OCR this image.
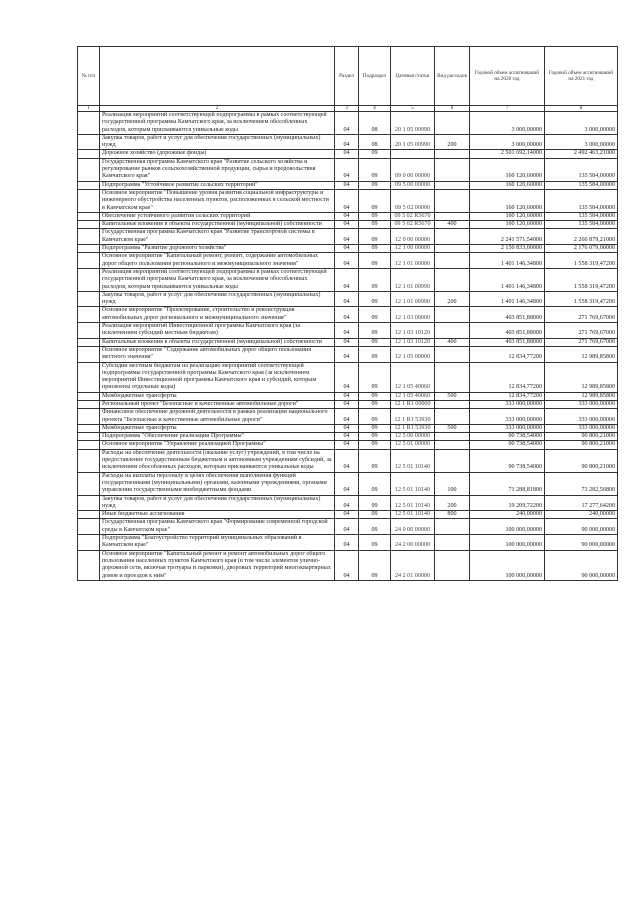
№ п/п		Раздел	Подраздел	Целевая статья	Вид расходов	Годовой объем ассигнований на 2020 год	Годовой объем ассигнований на 2021 год
1	2	3	4	5	6	7	8
	Реализация мероприятий соответствующей подпрограммы в рамках соответствующей государственной программы Камчатского края, за исключением обособленных расходов, которым присваиваются уникальные коды	04	08	20 1 05 00990		3 000,00000	3 000,00000
	Закупка товаров, работ и услуг для обеспечения государственных (муниципальных) нужд	04	08	20 1 05 00990	200	3 000,00000	3 000,00000
	Дорожное хозяйство (дорожные фонды)	04	09			2 501 692,14000	2 492 463,21000
	Государственная программа Камчатского края "Развитие сельского хозяйства и регулирование рынков сельскохозяйственной продукции, сырья и продовольствия Камчатского края"	04	09	09 0 00 00000		160 120,60000	135 584,00000
	Подпрограмма "Устойчивое развитие сельских территорий"	04	09	09 5 00 00000		160 120,60000	135 584,00000
	Основное мероприятие "Повышение уровня развития социальной инфраструктуры и инженерного обустройства населенных пунктов, расположенных в сельской местности в Камчатском крае"	04	09	09 5 02 00000		160 120,60000	135 584,00000
	Обеспечение устойчивого развития сельских территорий	04	09	09 5 02 R5670		160 120,60000	135 584,00000
	Капитальные вложения в объекты государственной (муниципальной) собственности	04	09	09 5 02 R5670	400	160 120,60000	135 584,00000
	Государственная программа Камчатского края "Развитие транспортной системы в Камчатском крае"	04	09	12 0 00 00000		2 241 571,54000	2 266 879,21000
	Подпрограмма "Развитие дорожного хозяйства"	04	09	12 1 00 00000		2 150 833,00000	2 176 079,00000
	Основное мероприятие "Капитальный ремонт, ремонт, содержание автомобильных дорог общего пользования регионального и межмуниципального значения"	04	09	12 1 01 00000		1 401 146,34800	1 558 319,47200
	Реализация мероприятий соответствующей подпрограммы в рамках соответствующей государственной программы Камчатского края, за исключением обособленных расходов, которым присваиваются уникальные коды	04	09	12 1 01 00990		1 401 146,34800	1 558 319,47200
	Закупка товаров, работ и услуг для обеспечения государственных (муниципальных) нужд	04	09	12 1 01 00990	200	1 401 146,34800	1 558 319,47200
	Основное мероприятие "Проектирование, строительство и реконструкция автомобильных дорог регионального и межмуниципального значения"	04	09	12 1 03 00000		403 851,88000	271 769,67000
	Реализация мероприятий Инвестиционной программы Камчатского края (за исключением субсидий местным бюджетам)	04	09	12 1 03 10120		403 851,88000	271 769,67000
	Капитальные вложения в объекты государственной (муниципальной) собственности	04	09	12 1 03 10120	400	403 851,88000	271 769,67000
	Основное мероприятие "Содержание автомобильных дорог общего пользования местного значения"	04	09	12 1 05 00000		12 834,77200	12 989,85800
	Субсидии местным бюджетам на реализацию мероприятий соответствующей подпрограммы государственной программы Камчатского края (за исключением мероприятий Инвестиционной программы Камчатского края и субсидий, которым присвоены отдельные коды)	04	09	12 1 05 40060		12 834,77200	12 989,85800
	Межбюджетные трансферты	04	09	12 1 05 40060	500	12 834,77200	12 989,85800
	Региональный проект "Безопасные и качественные автомобильные дороги"	04	09	12 1 R1 00000		333 000,00000	333 000,00000
	Финансовое обеспечение дорожной деятельности в рамках реализации национального проекта "Безопасные и качественные автомобильные дороги"	04	09	12 1 R1 53930		333 000,00000	333 000,00000
	Межбюджетные трансферты	04	09	12 1 R1 53930	500	333 000,00000	333 000,00000
	Подпрограмма "Обеспечение реализации Программы"	04	09	12 5 00 00000		90 738,54000	90 800,21000
	Основное мероприятие "Управление реализацией Программы"	04	09	12 5 01 00000		90 738,54000	90 800,21000
	Расходы на обеспечение деятельности (оказание услуг) учреждений, в том числе на предоставление государственным бюджетным и автономным учреждениям субсидий, за исключением обособленных расходов, которым присваиваются уникальные коды	04	09	12 5 01 10140		90 738,54000	90 800,21000
	Расходы на выплаты персоналу в целях обеспечения выполнения функций государственными (муниципальными) органами, казенными учреждениями, органами управления государственными внебюджетными фондами	04	09	12 5 01 10140	100	71 288,81800	73 282,56800
	Закупка товаров, работ и услуг для обеспечения государственных (муниципальных) нужд	04	09	12 5 01 10140	200	19 209,72200	17 277,64200
	Иные бюджетные ассигнования	04	09	12 5 01 10140	800	240,00000	240,00000
	Государственная программа Камчатского края "Формирование современной городской среды в Камчатском крае"	04	09	24 0 00 00000		100 000,00000	90 000,00000
	Подпрограмма "Благоустройство территорий муниципальных образований в Камчатском крае"	04	09	24 2 00 00000		100 000,00000	90 000,00000
	Основное мероприятие "Капитальный ремонт и ремонт автомобильных дорог общего пользования населенных пунктов Камчатского края (в том числе элементов улично-дорожной сети, включая тротуары и парковки), дворовых территорий многоквартирных домов и проездов к ним"	04	09	24 2 01 00000		100 000,00000	90 000,00000
